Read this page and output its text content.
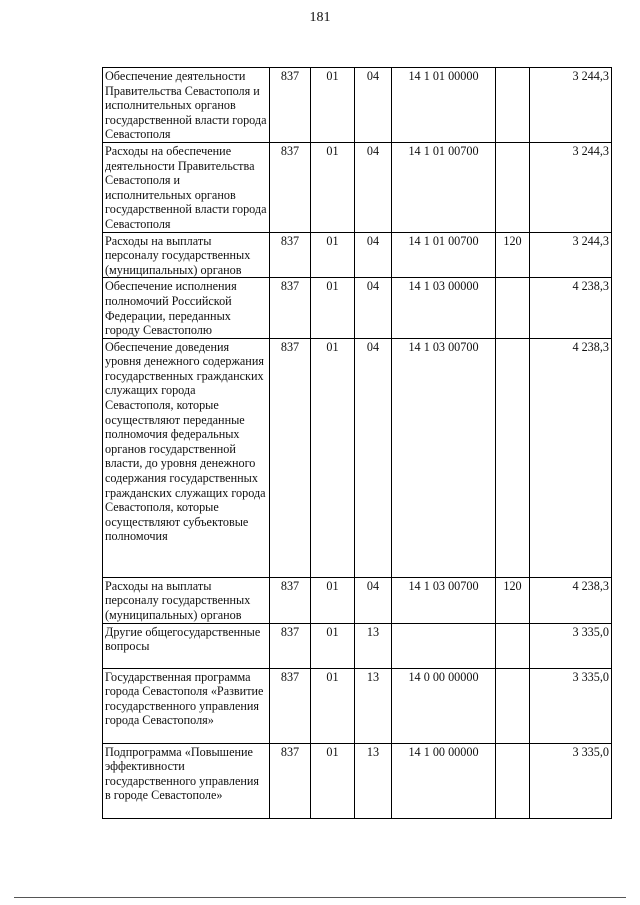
181
Обеспечение деятельности Правительства Севастополя и исполнительных органов государственной власти города Севастополя	837	01	04	14 1 01 00000		3 244,3
Расходы на обеспечение деятельности Правительства Севастополя и исполнительных органов государственной власти города Севастополя	837	01	04	14 1 01 00700		3 244,3
Расходы на выплаты персоналу государственных (муниципальных) органов	837	01	04	14 1 01 00700	120	3 244,3
Обеспечение исполнения полномочий Российской Федерации, переданных городу Севастополю	837	01	04	14 1 03 00000		4 238,3
Обеспечение доведения уровня денежного содержания государственных гражданских служащих города Севастополя, которые осуществляют переданные полномочия федеральных органов государственной власти, до уровня денежного содержания государственных гражданских служащих города Севастополя, которые осуществляют субъектовые полномочия	837	01	04	14 1 03 00700		4 238,3
Расходы на выплаты персоналу государственных (муниципальных) органов	837	01	04	14 1 03 00700	120	4 238,3
Другие общегосударственные вопросы	837	01	13			3 335,0
Государственная программа города Севастополя «Развитие государственного управления города Севастополя»	837	01	13	14 0 00 00000		3 335,0
Подпрограмма «Повышение эффективности государственного управления в городе Севастополе»	837	01	13	14 1 00 00000		3 335,0
